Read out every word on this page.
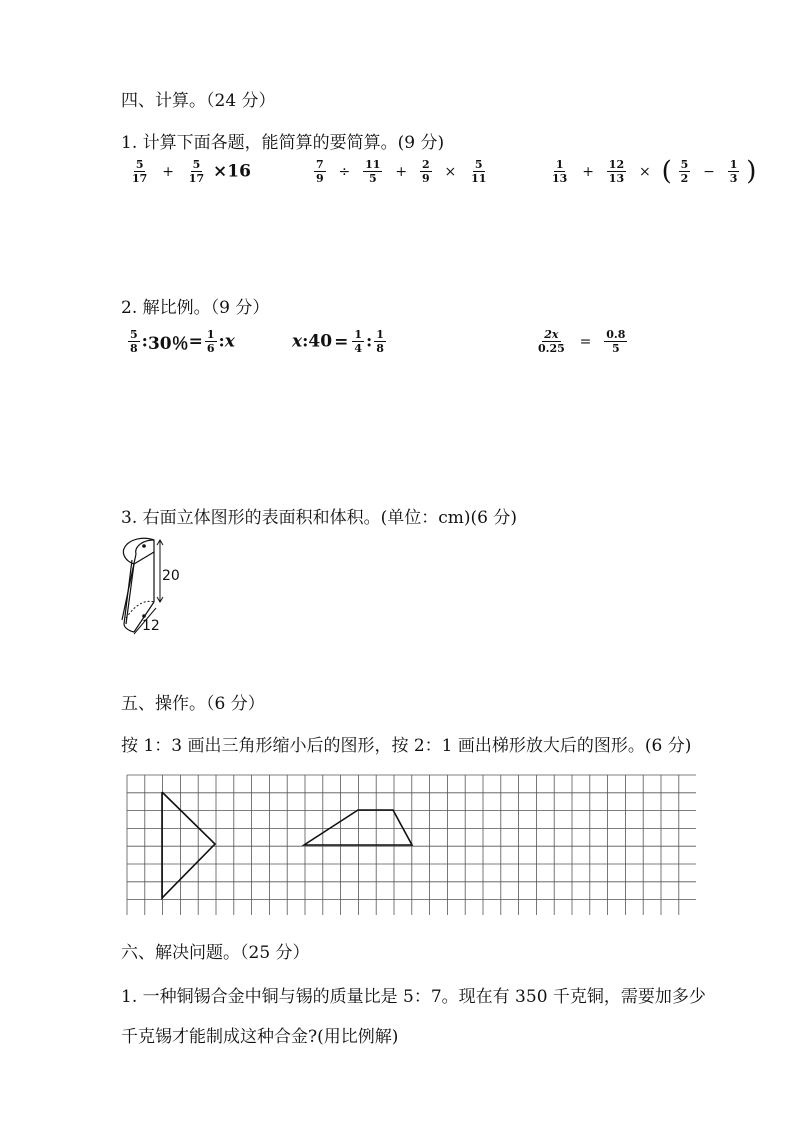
四、计算。（24 分）
1. 计算下面各题，能简算的要简算。(9 分)
$\frac{5}{17} + \frac{5}{17} \times 16$	$\frac{7}{9} \div \frac{11}{5} + \frac{2}{9} \times \frac{5}{11}$	$\frac{1}{13} + \frac{12}{13}$ × ( $\frac{5}{2} - \frac{1}{3}$ )
2. 解比例。（9 分）
$\frac{5}{8}$ :30％= $\frac{1}{6}$ :x	x:40 = $\frac{1}{4}$ : $\frac{1}{8}$	$\frac{2x}{0.25} = \frac{0.8}{5}$
3. 右面立体图形的表面积和体积。(单位：cm)(6 分)
20
12
五、操作。（6 分）
按 1：3 画出三角形缩小后的图形，按 2：1 画出梯形放大后的图形。(6 分)
六、解决问题。（25 分）
1. 一种铜锡合金中铜与锡的质量比是 5：7。现在有 350 千克铜，需要加多少
千克锡才能制成这种合金?(用比例解)
